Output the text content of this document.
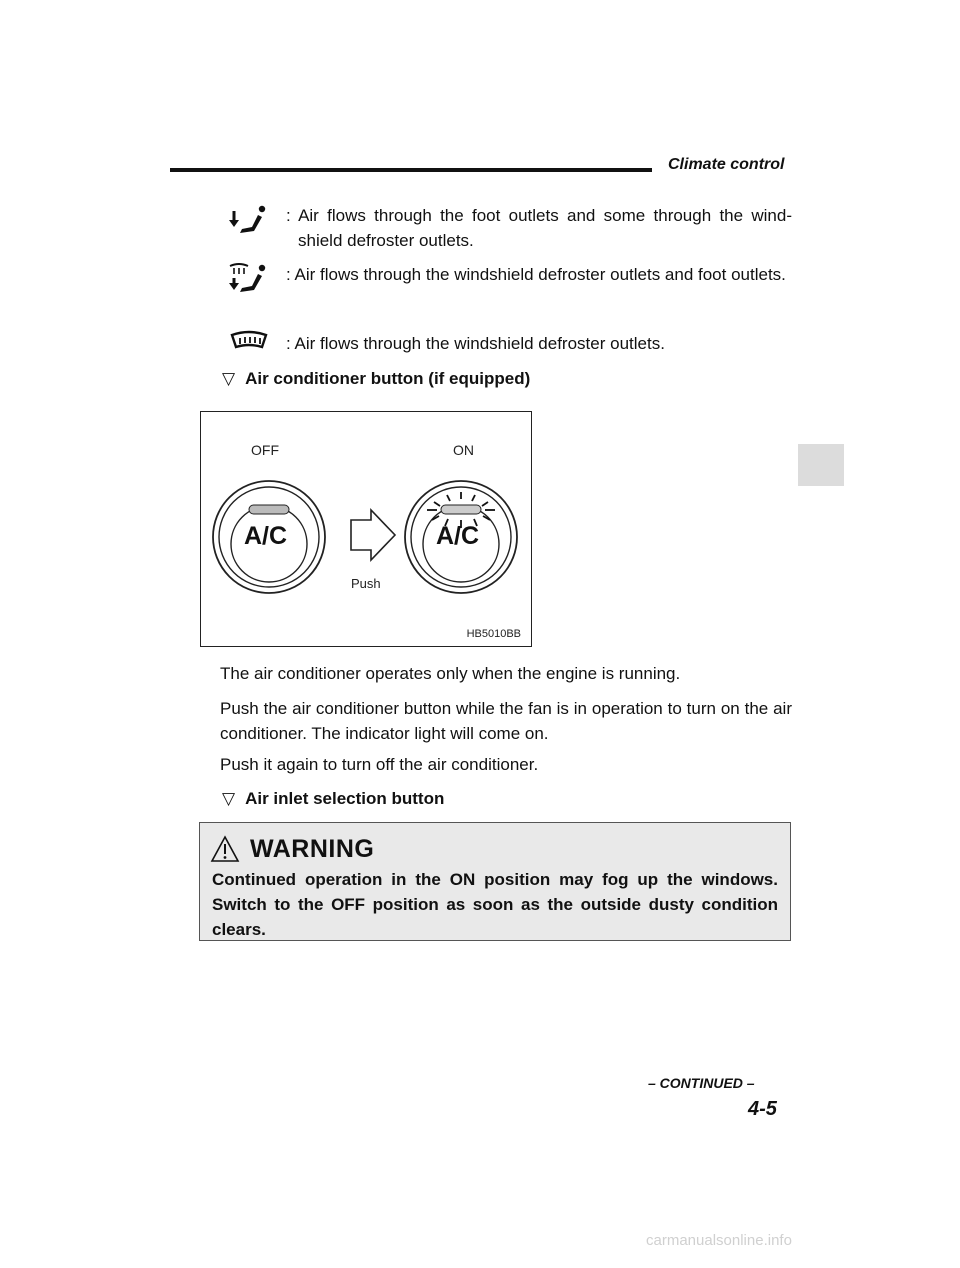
Climate control
: Air flows through the foot outlets and some through the wind-shield defroster outlets.
: Air flows through the windshield defroster outlets and foot outlets.
: Air flows through the windshield defroster outlets.
▽ Air conditioner button (if equipped)
OFF	ON
A/C	A/C
Push
HB5010BB
The air conditioner operates only when the engine is running.
Push the air conditioner button while the fan is in operation to turn on the air conditioner. The indicator light will come on.
Push it again to turn off the air conditioner.
▽ Air inlet selection button
WARNING
Continued operation in the ON position may fog up the windows. Switch to the OFF position as soon as the outside dusty condition clears.
– CONTINUED –
4-5
carmanualsonline.info
